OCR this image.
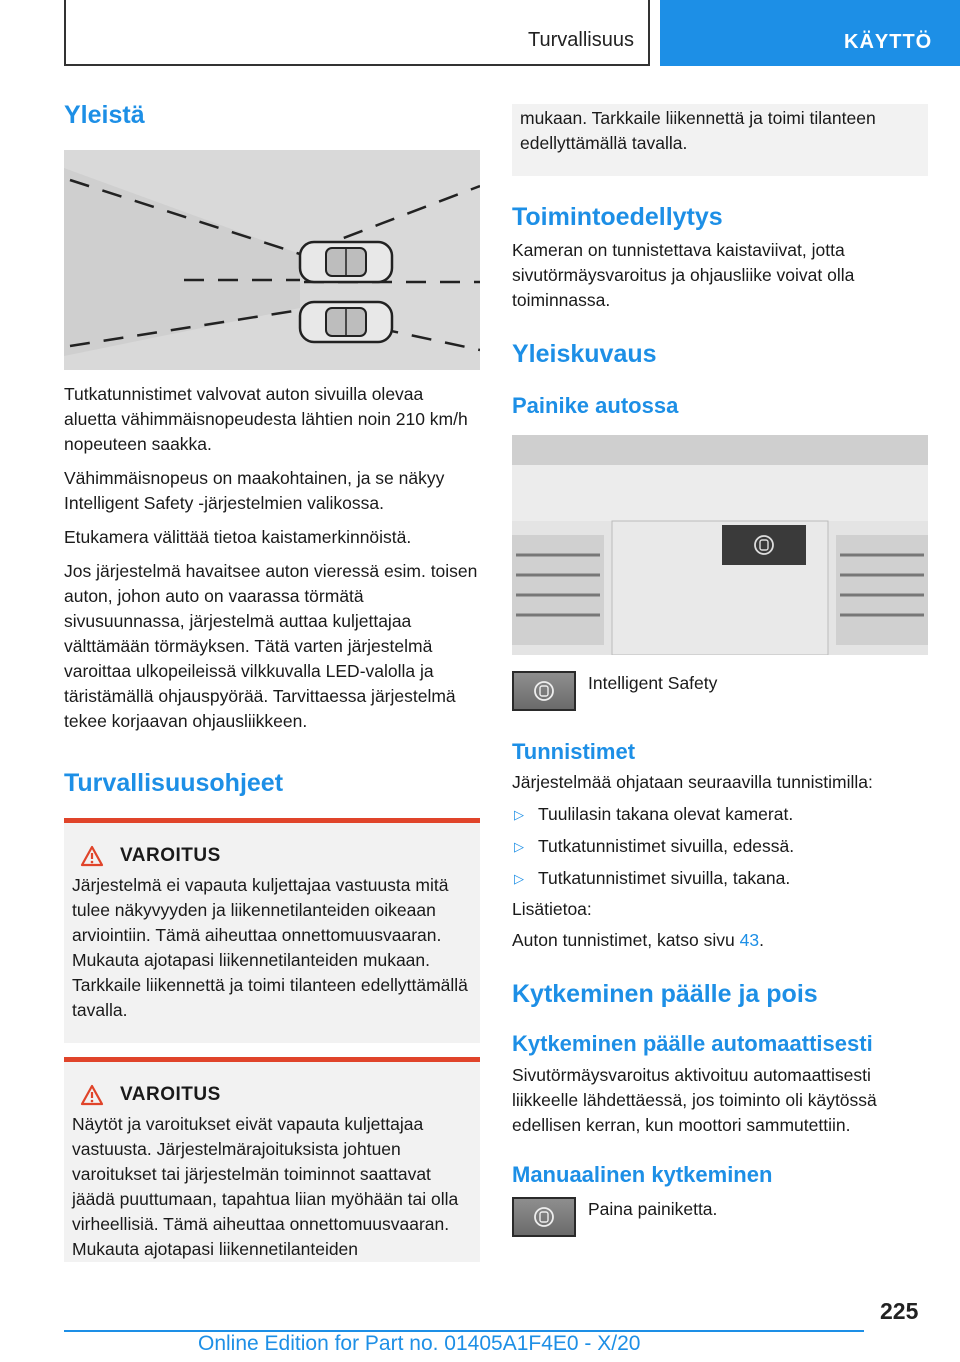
Turvallisuus	KÄYTTÖ
Yleistä

Tutkatunnistimet valvovat auton sivuilla olevaa aluetta vähimmäisnopeudesta lähtien noin 210 km/h nopeuteen saakka.

Vähimmäisnopeus on maakohtainen, ja se näkyy Intelligent Safety -järjestelmien valikossa.

Etukamera välittää tietoa kaistamerkinnöistä.

Jos järjestelmä havaitsee auton vieressä esim. toisen auton, johon auto on vaarassa törmätä sivusuunnassa, järjestelmä auttaa kuljettajaa välttämään törmäyksen. Tätä varten järjestelmä varoittaa ulkopeileissä vilkkuvalla LED-valolla ja täristämällä ohjauspyörää. Tarvittaessa järjestelmä tekee korjaavan ohjausliikkeen.

Turvallisuusohjeet
VAROITUS

Järjestelmä ei vapauta kuljettajaa vastuusta mitä tulee näkyvyyden ja liikennetilanteiden oikeaan arviointiin. Tämä aiheuttaa onnettomuusvaaran. Mukauta ajotapasi liikennetilanteiden mukaan. Tarkkaile liikennettä ja toimi tilanteen edellyttämällä tavalla.

VAROITUS

Näytöt ja varoitukset eivät vapauta kuljettajaa vastuusta. Järjestelmärajoituksista johtuen varoitukset tai järjestelmän toiminnot saattavat jäädä puuttumaan, tapahtua liian myöhään tai olla virheellisiä. Tämä aiheuttaa onnettomuusvaaran. Mukauta ajotapasi liikennetilanteiden

mukaan. Tarkkaile liikennettä ja toimi tilanteen edellyttämällä tavalla.

Toimintoedellytys

Kameran on tunnistettava kaistaviivat, jotta sivutörmäysvaroitus ja ohjausliike voivat olla toiminnassa.

Yleiskuvaus
Painike autossa

Intelligent Safety

Tunnistimet

Järjestelmää ohjataan seuraavilla tunnistimilla:

▷ Tuulilasin takana olevat kamerat.
▷ Tutkatunnistimet sivuilla, edessä.
▷ Tutkatunnistimet sivuilla, takana.

Lisätietoa:

Auton tunnistimet, katso sivu 43.

Kytkeminen päälle ja pois
Kytkeminen päälle automaattisesti

Sivutörmäysvaroitus aktivoituu automaattisesti liikkeelle lähdettäessä, jos toiminto oli käytössä edellisen kerran, kun moottori sammutettiin.

Manuaalinen kytkeminen

Paina painiketta.

225
Online Edition for Part no. 01405A1F4E0 - X/20
